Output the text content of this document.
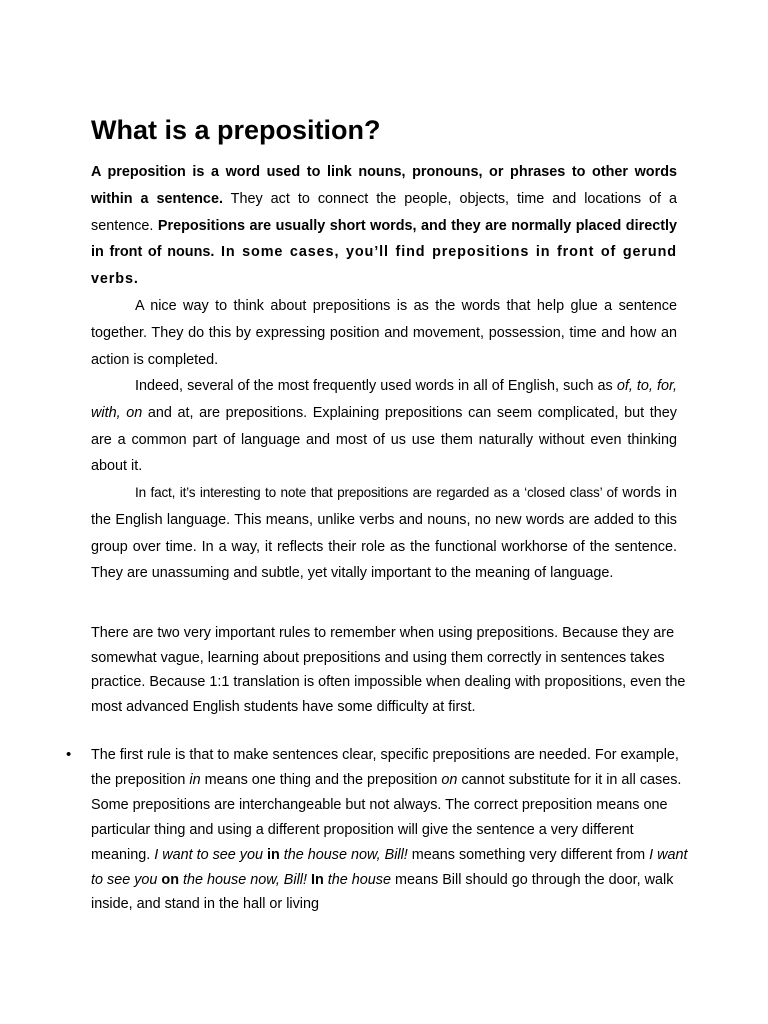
What is a preposition?

A preposition is a word used to link nouns, pronouns, or phrases to other words within a sentence. They act to connect the people, objects, time and locations of a sentence. Prepositions are usually short words, and they are normally placed directly in front of nouns. In some cases, you’ll find prepositions in front of gerund verbs.

A nice way to think about prepositions is as the words that help glue a sentence together. They do this by expressing position and movement, possession, time and how an action is completed.

Indeed, several of the most frequently used words in all of English, such as of, to, for, with, on and at, are prepositions. Explaining prepositions can seem complicated, but they are a common part of language and most of us use them naturally without even thinking about it.

In fact, it’s interesting to note that prepositions are regarded as a ‘closed class’ of words in the English language. This means, unlike verbs and nouns, no new words are added to this group over time. In a way, it reflects their role as the functional workhorse of the sentence. They are unassuming and subtle, yet vitally important to the meaning of language.

There are two very important rules to remember when using prepositions. Because they are somewhat vague, learning about prepositions and using them correctly in sentences takes practice. Because 1:1 translation is often impossible when dealing with propositions, even the most advanced English students have some difficulty at first.

• The first rule is that to make sentences clear, specific prepositions are needed. For example, the preposition in means one thing and the preposition on cannot substitute for it in all cases. Some prepositions are interchangeable but not always. The correct preposition means one particular thing and using a different proposition will give the sentence a very different meaning. I want to see you in the house now, Bill! means something very different from I want to see you on the house now, Bill! In the house means Bill should go through the door, walk inside, and stand in the hall or living
